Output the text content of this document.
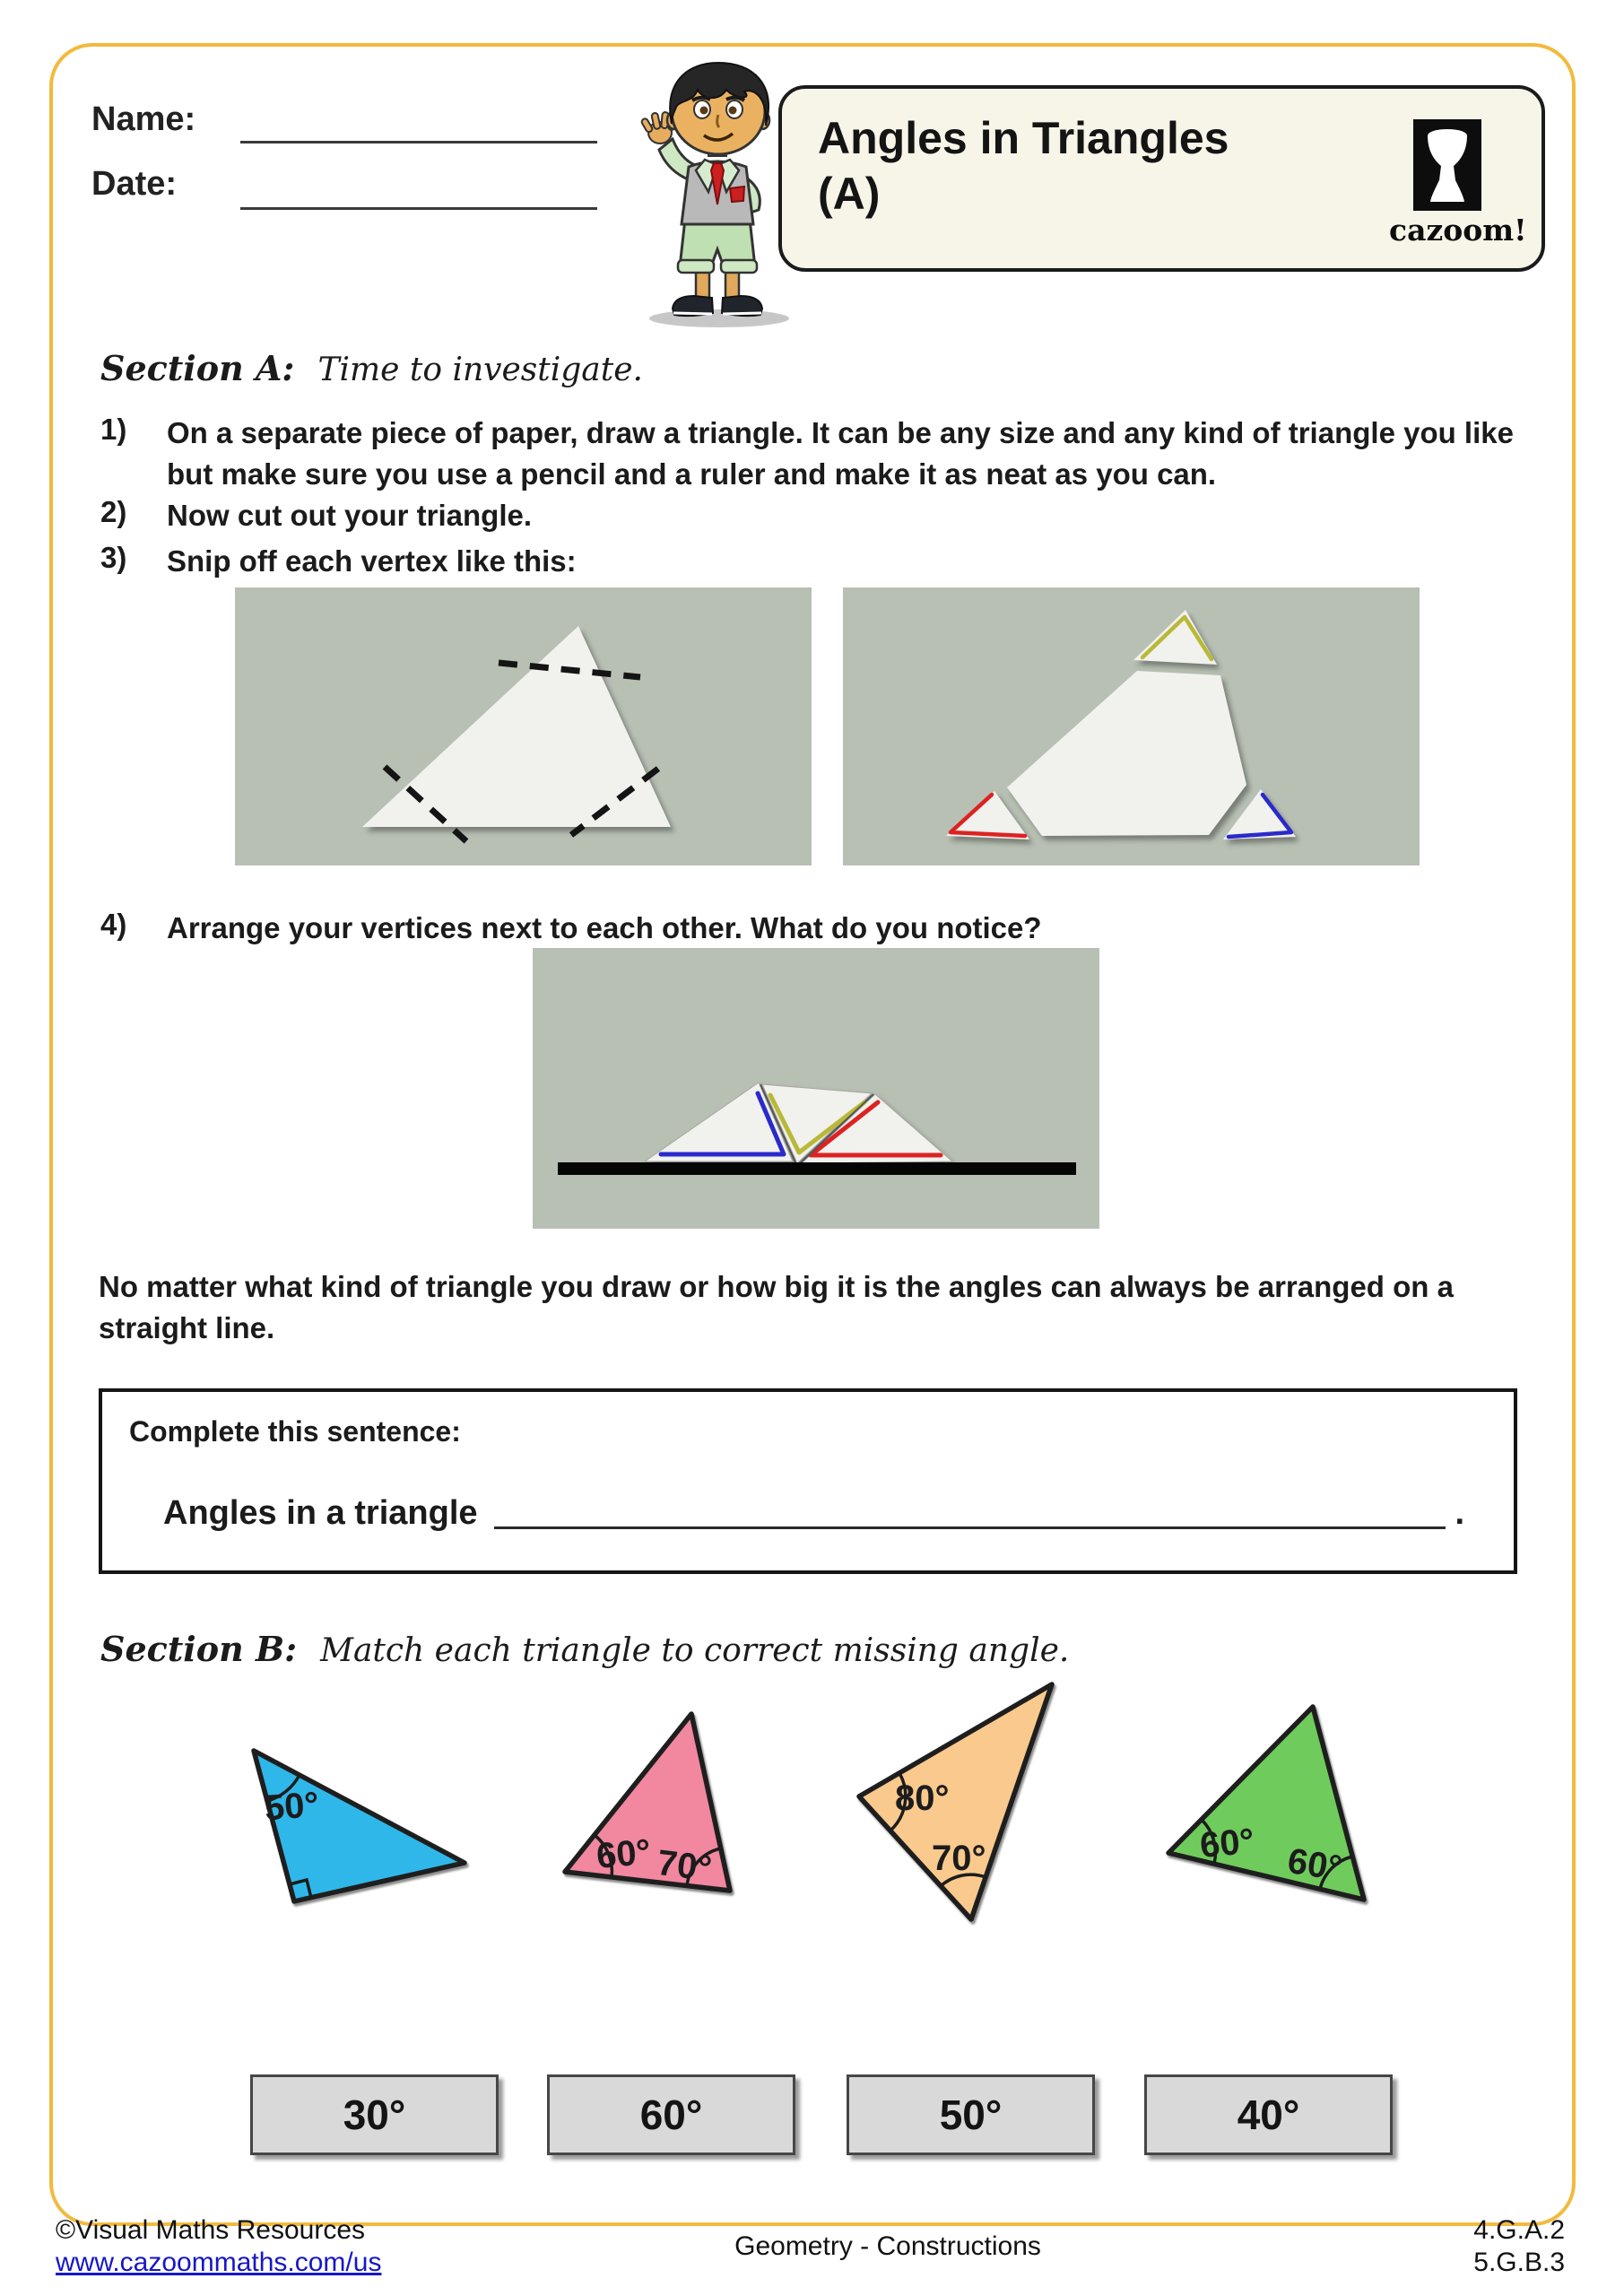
Name:
Date:
Angles in Triangles
(A)
cazoom!
Section A: Time to investigate.
1) On a separate piece of paper, draw a triangle. It can be any size and any kind of triangle you like but make sure you use a pencil and a ruler and make it as neat as you can.
2) Now cut out your triangle.
3) Snip off each vertex like this:
4) Arrange your vertices next to each other. What do you notice?
No matter what kind of triangle you draw or how big it is the angles can always be arranged on a straight line.
Complete this sentence:
Angles in a triangle	.
Section B: Match each triangle to correct missing angle.
50°
60° 70°
80°
70°	60° 60°
30°	60°	50°	40°
©Visual Maths Resources
www.cazoommaths.com/us
Geometry - Constructions
4.G.A.2
5.G.B.3
